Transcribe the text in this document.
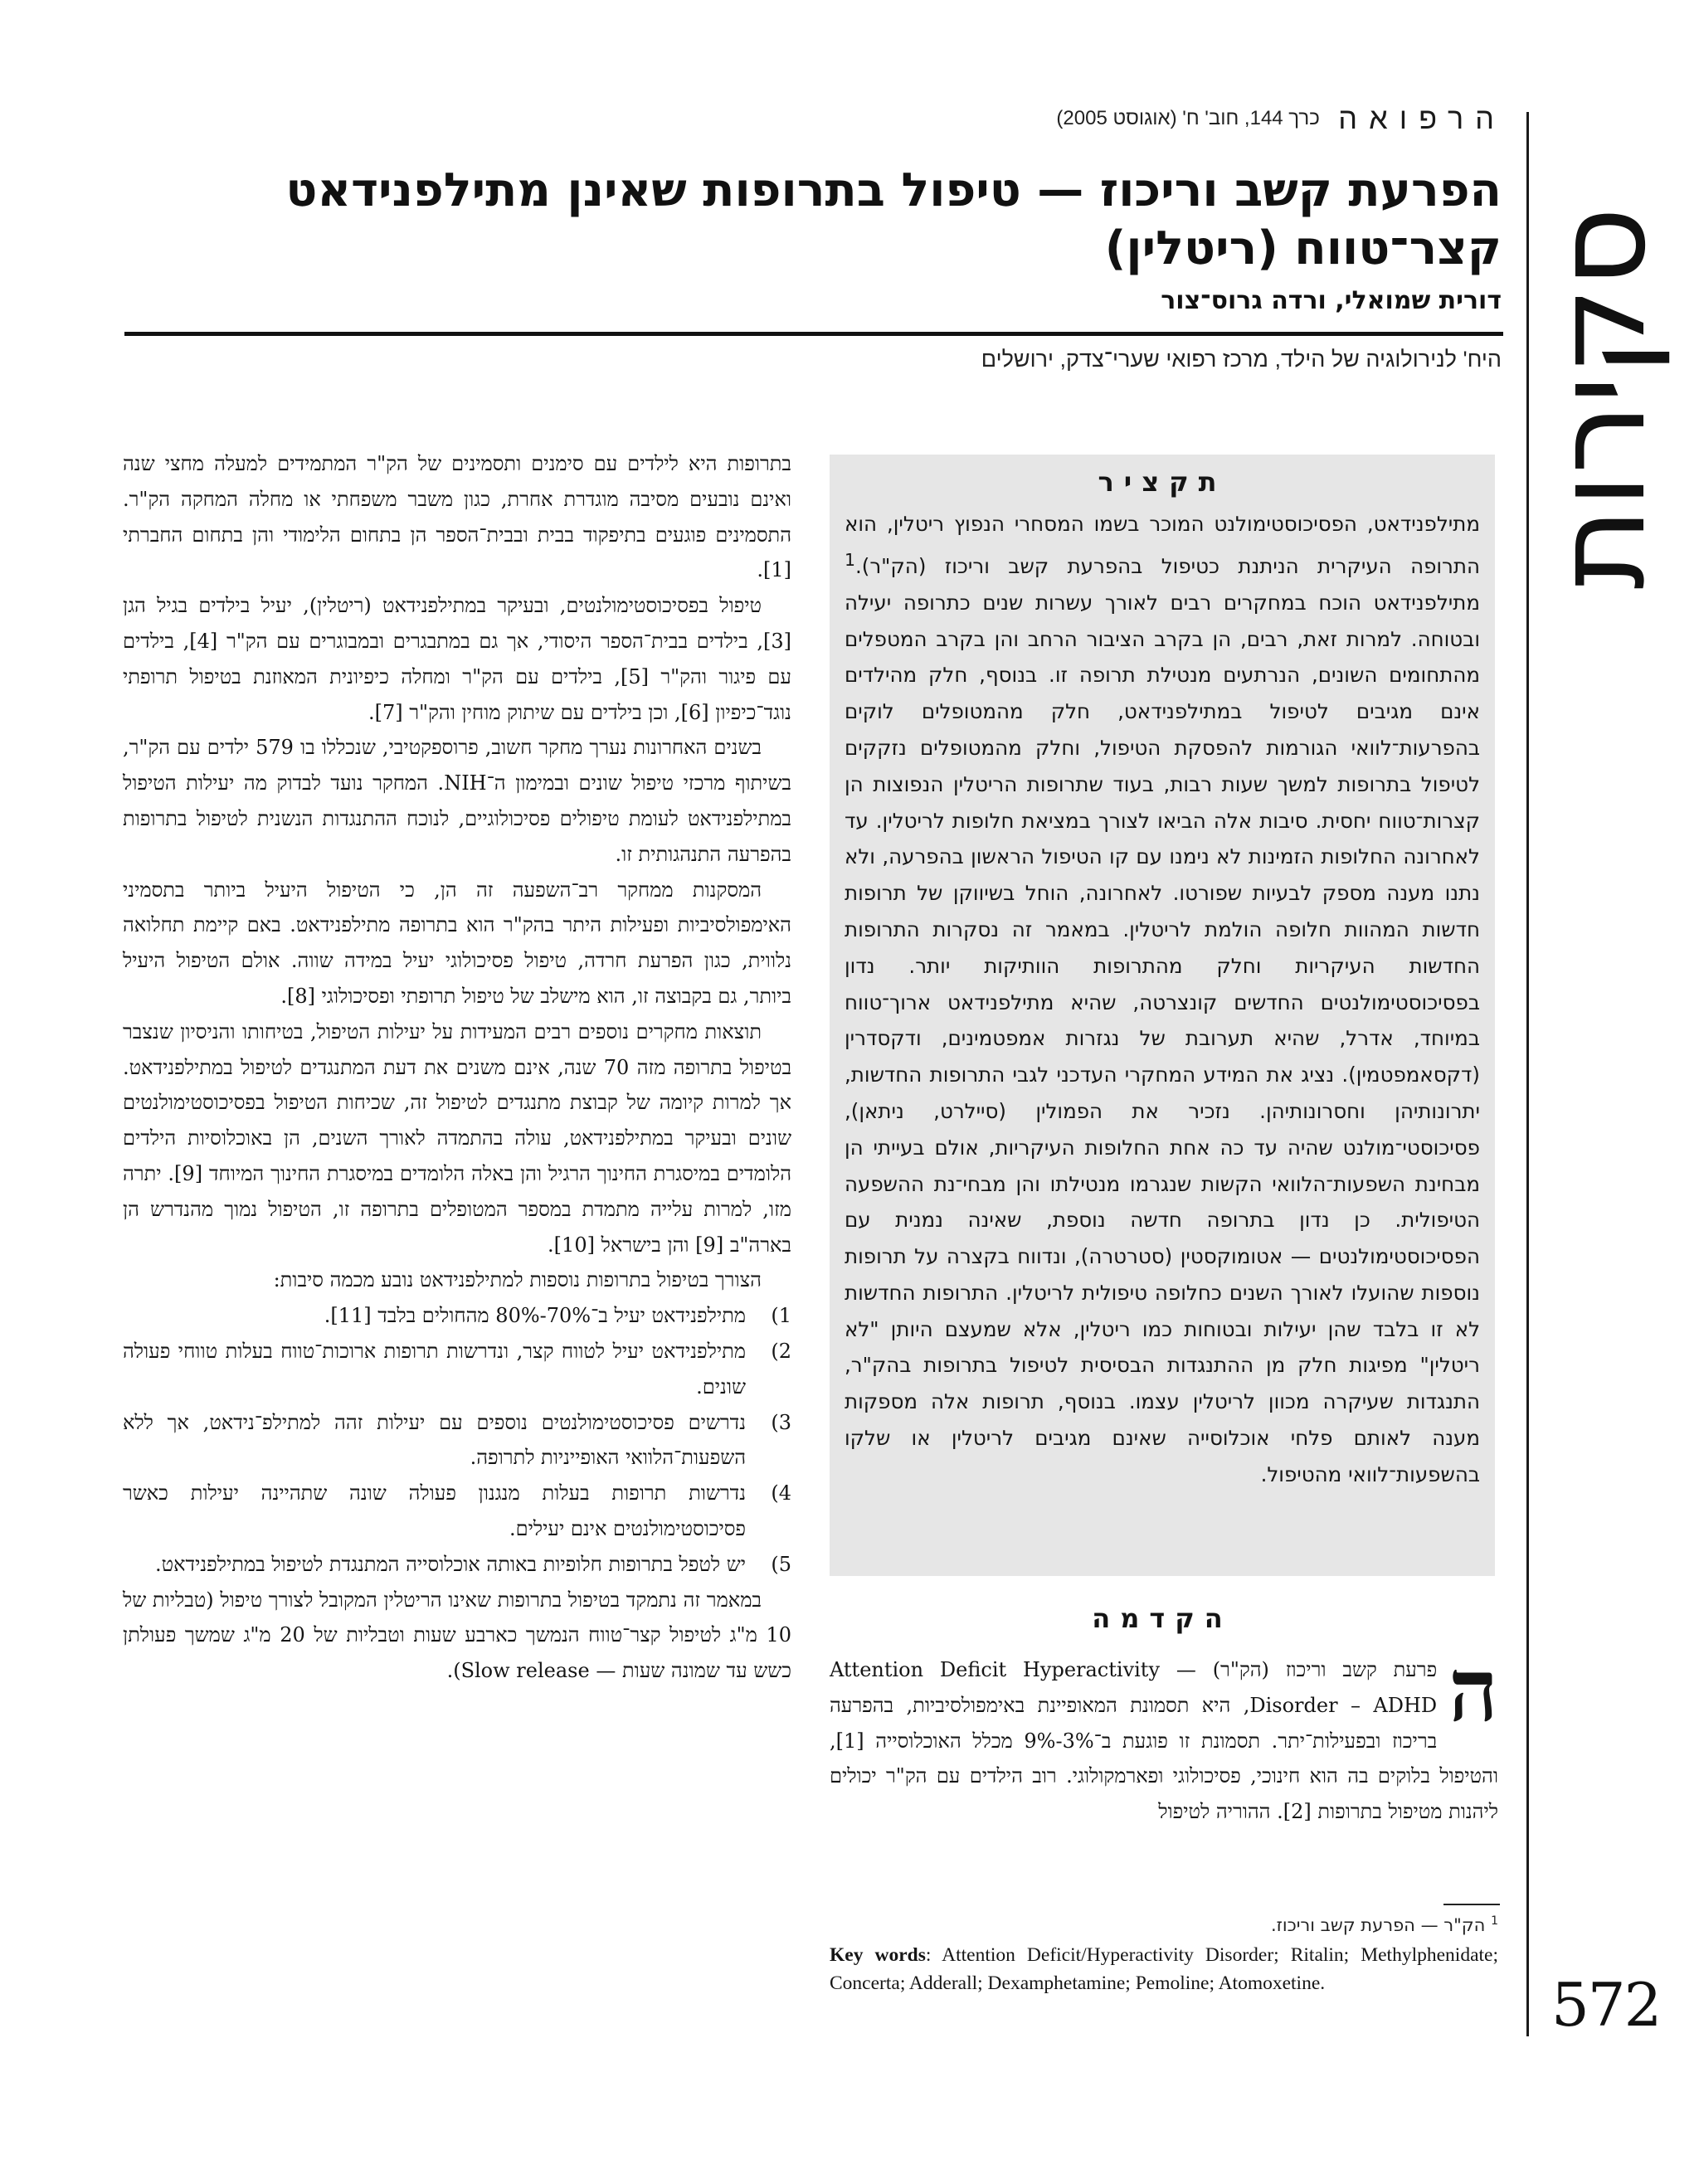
הרפואה כרך 144, חוב' ח' (אוגוסט 2005)
הפרעת קשב וריכוז — טיפול בתרופות שאינן מתילפנידאט קצר־טווח (ריטלין)
דורית שמואלי, ורדה גרוס־צור
היח' לנירולוגיה של הילד, מרכז רפואי שערי־צדק, ירושלים סקירות
572
תקציר
מתילפנידאט, הפסיכוסטימולנט המוכר בשמו המסחרי הנפוץ ריטלין, הוא התרופה העיקרית הניתנת כטיפול בהפרעת קשב וריכוז (הק"ר).$^1$ מתילפנידאט הוכח במחקרים רבים לאורך עשרות שנים כתרופה יעילה ובטוחה. למרות זאת, רבים, הן בקרב הציבור הרחב והן בקרב המטפלים מהתחומים השונים, הנרתעים מנטילת תרופה זו. בנוסף, חלק מהילדים אינם מגיבים לטיפול במתילפנידאט, חלק מהמטופלים לוקים בהפרעות־לוואי הגורמות להפסקת הטיפול, וחלק מהמטופלים נזקקים לטיפול בתרופות למשך שעות רבות, בעוד שתרופות הריטלין הנפוצות הן קצרות־טווח יחסית. סיבות אלה הביאו לצורך במציאת חלופות לריטלין. עד לאחרונה החלופות הזמינות לא נימנו עם קו הטיפול הראשון בהפרעה, ולא נתנו מענה מספק לבעיות שפורטו. לאחרונה, הוחל בשיווקן של תרופות חדשות המהוות חלופה הולמת לריטלין. במאמר זה נסקרות התרופות החדשות העיקריות וחלק מהתרופות הוותיקות יותר. נדון בפסיכוסטימולנטים החדשים קונצרטה, שהיא מתילפנידאט ארוך־טווח במיוחד, אדרל, שהיא תערובת של נגזרות אמפטמינים, ודקסדרין (דקסאמפטמין). נציג את המידע המחקרי העדכני לגבי התרופות החדשות, יתרונותיהן וחסרונותיהן. נזכיר את הפמולין (סיילרט, ניתאן), פסיכוסטי־מולנט שהיה עד כה אחת החלופות העיקריות, אולם בעייתי הן מבחינת השפעות־הלוואי הקשות שנגרמו מנטילתו והן מבחי־נת ההשפעה הטיפולית. כן נדון בתרופה חדשה נוספת, שאינה נמנית עם הפסיכוסטימולנטים — אטומוקסטין (סטרטרה), ונדווח בקצרה על תרופות נוספות שהועלו לאורך השנים כחלופה טיפולית לריטלין. התרופות החדשות לא זו בלבד שהן יעילות ובטוחות כמו ריטלין, אלא שמעצם היותן "לא ריטלין" מפיגות חלק מן ההתנגדות הבסיסית לטיפול בתרופות בהק"ר, התנגדות שעיקרה מכוון לריטלין עצמו. בנוסף, תרופות אלה מספקות מענה לאותם פלחי אוכלוסייה שאינם מגיבים לריטלין או שלקו בהשפעות־לוואי מהטיפול.

בתרופות היא לילדים עם סימנים ותסמינים של הק"ר המתמידים למעלה מחצי שנה ואינם נובעים מסיבה מוגדרת אחרת, כגון משבר משפחתי או מחלה המחקה הק"ר. התסמינים פוגעים בתיפקוד בבית ובבית־הספר הן בתחום הלימודי והן בתחום החברתי [1].

טיפול בפסיכוסטימולנטים, ובעיקר במתילפנידאט (ריטלין), יעיל בילדים בגיל הגן [3], בילדים בבית־הספר היסודי, אך גם במתבגרים ובמבוגרים עם הק"ר [4], בילדים עם פיגור והק"ר [5], בילדים עם הק"ר ומחלה כיפיונית המאוזנת בטיפול תרופתי נוגד־כיפיון [6], וכן בילדים עם שיתוק מוחין והק"ר [7].

בשנים האחרונות נערך מחקר חשוב, פרוספקטיבי, שנכללו בו 579 ילדים עם הק"ר, בשיתוף מרכזי טיפול שונים ובמימון ה־NIH. המחקר נועד לבדוק מה יעילות הטיפול במתילפנידאט לעומת טיפולים פסיכולוגיים, לנוכח ההתנגדות הנשנית לטיפול בתרופות בהפרעה התנהגותית זו.

המסקנות ממחקר רב־השפעה זה הן, כי הטיפול היעיל ביותר בתסמיני האימפולסיביות ופעילות היתר בהק"ר הוא בתרופה מתילפנידאט. באם קיימת תחלואה נלווית, כגון הפרעת חרדה, טיפול פסיכולוגי יעיל במידה שווה. אולם הטיפול היעיל ביותר, גם בקבוצה זו, הוא מישלב של טיפול תרופתי ופסיכולוגי [8].

תוצאות מחקרים נוספים רבים המעידות על יעילות הטיפול, בטיחותו והניסיון שנצבר בטיפול בתרופה מזה 70 שנה, אינם משנים את דעת המתנגדים לטיפול במתילפנידאט. אך למרות קיומה של קבוצת מתנגדים לטיפול זה, שכיחות הטיפול בפסיכוסטימולנטים שונים ובעיקר במתילפנידאט, עולה בהתמדה לאורך השנים, הן באוכלוסיות הילדים הלומדים במיסגרת החינוך הרגיל והן באלה הלומדים במיסגרת החינוך המיוחד [9]. יתרה מזו, למרות עלייה מתמדת במספר המטופלים בתרופה זו, הטיפול נמוך מהנדרש הן בארה"ב [9] והן בישראל [10].

הצורך בטיפול בתרופות נוספות למתילפנידאט נובע מכמה סיבות:

1)
מתילפנידאט יעיל ב־70%-80% מהחולים בלבד [11].
2)
מתילפנידאט יעיל לטווח קצר, ונדרשות תרופות ארוכות־טווח בעלות טווחי פעולה שונים.
3)
נדרשים פסיכוסטימולנטים נוספים עם יעילות זהה למתילפ־נידאט, אך ללא השפעות־הלוואי האופייניות לתרופה.
4)
נדרשות תרופות בעלות מנגנון פעולה שונה שתהיינה יעילות כאשר פסיכוסטימולנטים אינם יעילים.
5)
יש לטפל בתרופות חלופיות באותה אוכלוסייה המתנגדת לטיפול במתילפנידאט.

במאמר זה נתמקד בטיפול בתרופות שאינו הריטלין המקובל לצורך טיפול (טבליות של 10 מ"ג לטיפול קצר־טווח הנמשך כארבע שעות וטבליות של 20 מ"ג שמשך פעולתן כשש עד שמונה שעות — Slow release).

הקדמה
ה
פרעת קשב וריכוז (הק"ר) — Attention Deficit Hyperactivity Disorder – ADHD, היא תסמונת המאופיינת באימפולסיביות, בהפרעה בריכוז ובפעילות־יתר. תסמונת זו פוגעת ב־3%-9% מכלל האוכלוסייה [1], והטיפול בלוקים בה הוא חינוכי, פסיכולוגי ופארמקולוגי. רוב הילדים עם הק"ר יכולים ליהנות מטיפול בתרופות [2]. ההוריה לטיפול
$^1$ הק"ר — הפרעת קשב וריכוז.
Key words: Attention Deficit/Hyperactivity Disorder; Ritalin; Methylphenidate; Concerta; Adderall; Dexamphetamine; Pemoline; Atomoxetine.
